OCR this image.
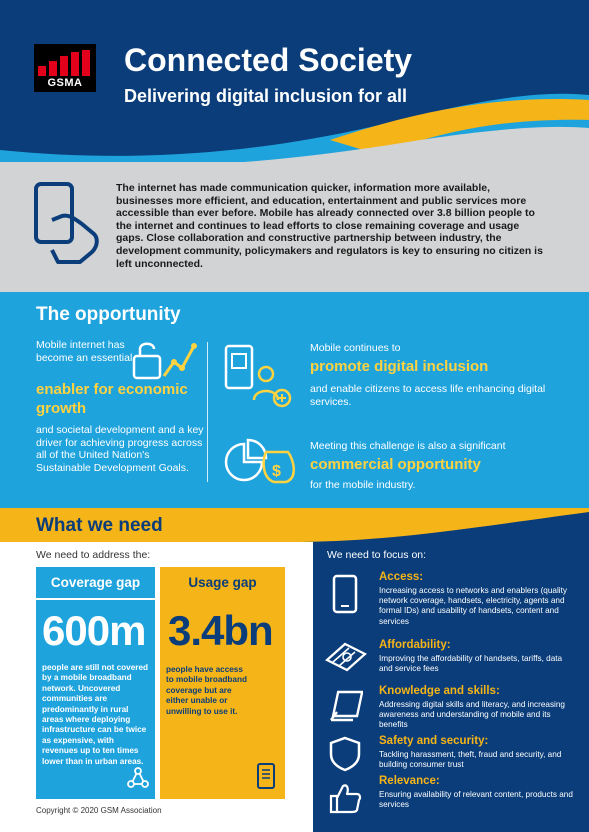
GSMA
Connected Society
Delivering digital inclusion for all
The internet has made communication quicker, information more available, businesses more efficient, and education, entertainment and public services more accessible than ever before. Mobile has already connected over 3.8 billion people to the internet and continues to lead efforts to close remaining coverage and usage gaps. Close collaboration and constructive partnership between industry, the development community, policymakers and regulators is key to ensuring no citizen is left unconnected.
The opportunity
Mobile internet has become an essential
enabler for economic growth
and societal development and a key driver for achieving progress across all of the United Nation's Sustainable Development Goals.
Mobile continues to
promote digital inclusion
and enable citizens to access life enhancing digital services.
$
Meeting this challenge is also a significant
commercial opportunity
for the mobile industry.
What we need
We need to address the:
Coverage gap
600m
people are still not covered by a mobile broadband network. Uncovered communities are predominantly in rural areas where deploying infrastructure can be twice as expensive, with revenues up to ten times lower than in urban areas.
Usage gap
3.4bn
people have access to mobile broadband coverage but are either unable or unwilling to use it.
Copyright © 2020 GSM Association
We need to focus on:
Access:
Increasing access to networks and enablers (quality network coverage, handsets, electricity, agents and formal IDs) and usability of handsets, content and services
Affordability:
Improving the affordability of handsets, tariffs, data and service fees
Knowledge and skills:
Addressing digital skills and literacy, and increasing awareness and understanding of mobile and its benefits
Safety and security:
Tackling harassment, theft, fraud and security, and building consumer trust
Relevance:
Ensuring availability of relevant content, products and services
